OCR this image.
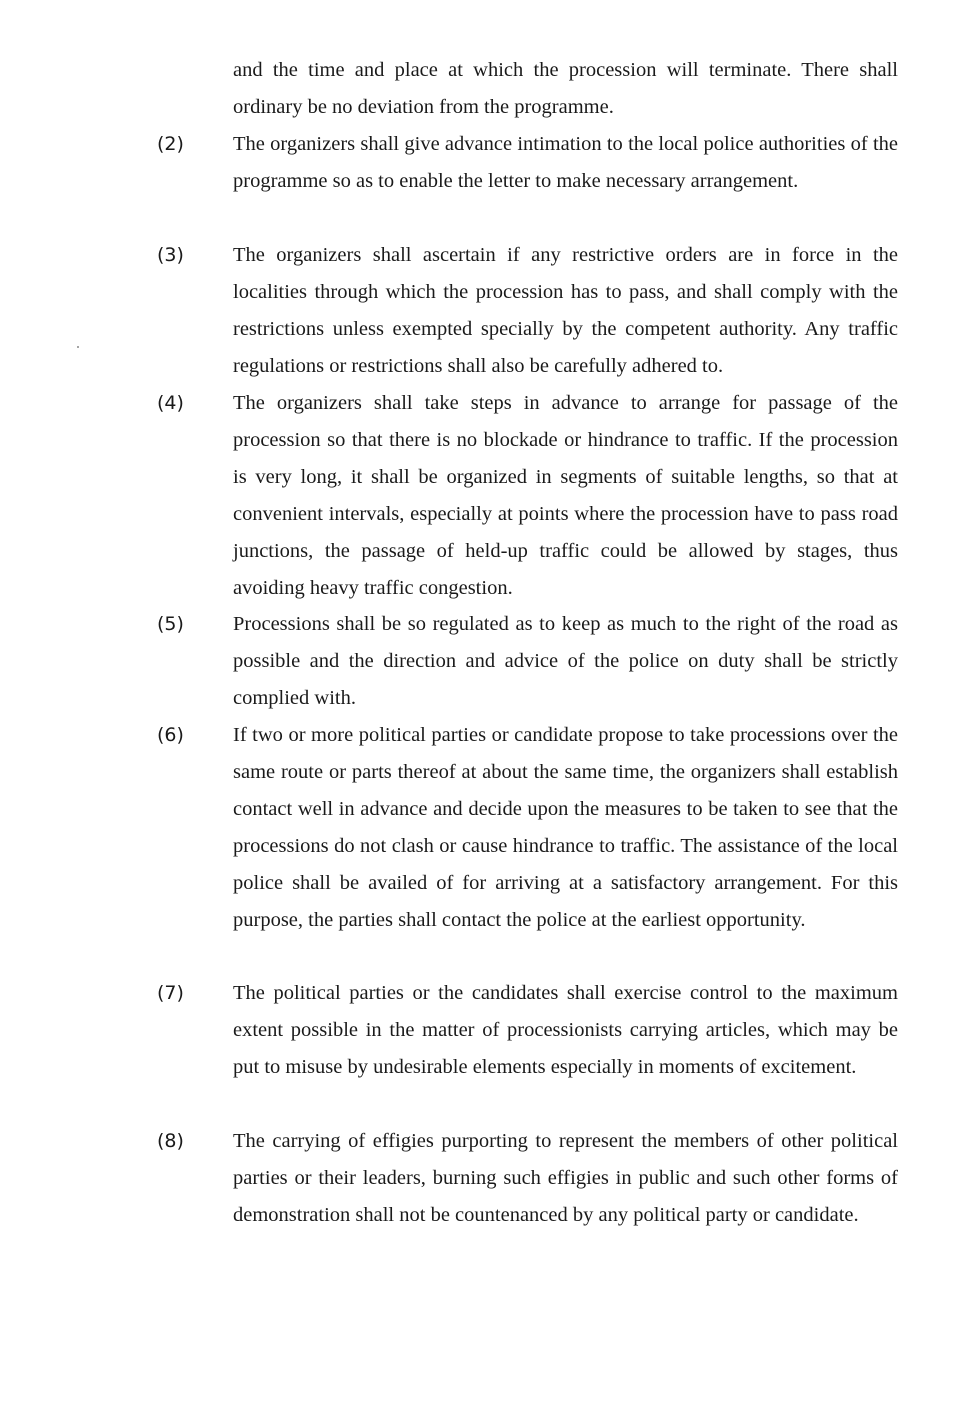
and the time and place at which the procession will terminate. There shall ordinary be no deviation from the programme.

(2) The organizers shall give advance intimation to the local police authorities of the programme so as to enable the letter to make necessary arrangement.

(3) The organizers shall ascertain if any restrictive orders are in force in the localities through which the procession has to pass, and shall comply with the restrictions unless exempted specially by the competent authority. Any traffic regulations or restrictions shall also be carefully adhered to.

(4) The organizers shall take steps in advance to arrange for passage of the procession so that there is no blockade or hindrance to traffic. If the procession is very long, it shall be organized in segments of suitable lengths, so that at convenient intervals, especially at points where the procession have to pass road junctions, the passage of held-up traffic could be allowed by stages, thus avoiding heavy traffic congestion.

(5) Processions shall be so regulated as to keep as much to the right of the road as possible and the direction and advice of the police on duty shall be strictly complied with.

(6) If two or more political parties or candidate propose to take processions over the same route or parts thereof at about the same time, the organizers shall establish contact well in advance and decide upon the measures to be taken to see that the processions do not clash or cause hindrance to traffic. The assistance of the local police shall be availed of for arriving at a satisfactory arrangement. For this purpose, the parties shall contact the police at the earliest opportunity.

(7) The political parties or the candidates shall exercise control to the maximum extent possible in the matter of processionists carrying articles, which may be put to misuse by undesirable elements especially in moments of excitement.

(8) The carrying of effigies purporting to represent the members of other political parties or their leaders, burning such effigies in public and such other forms of demonstration shall not be countenanced by any political party or candidate.
